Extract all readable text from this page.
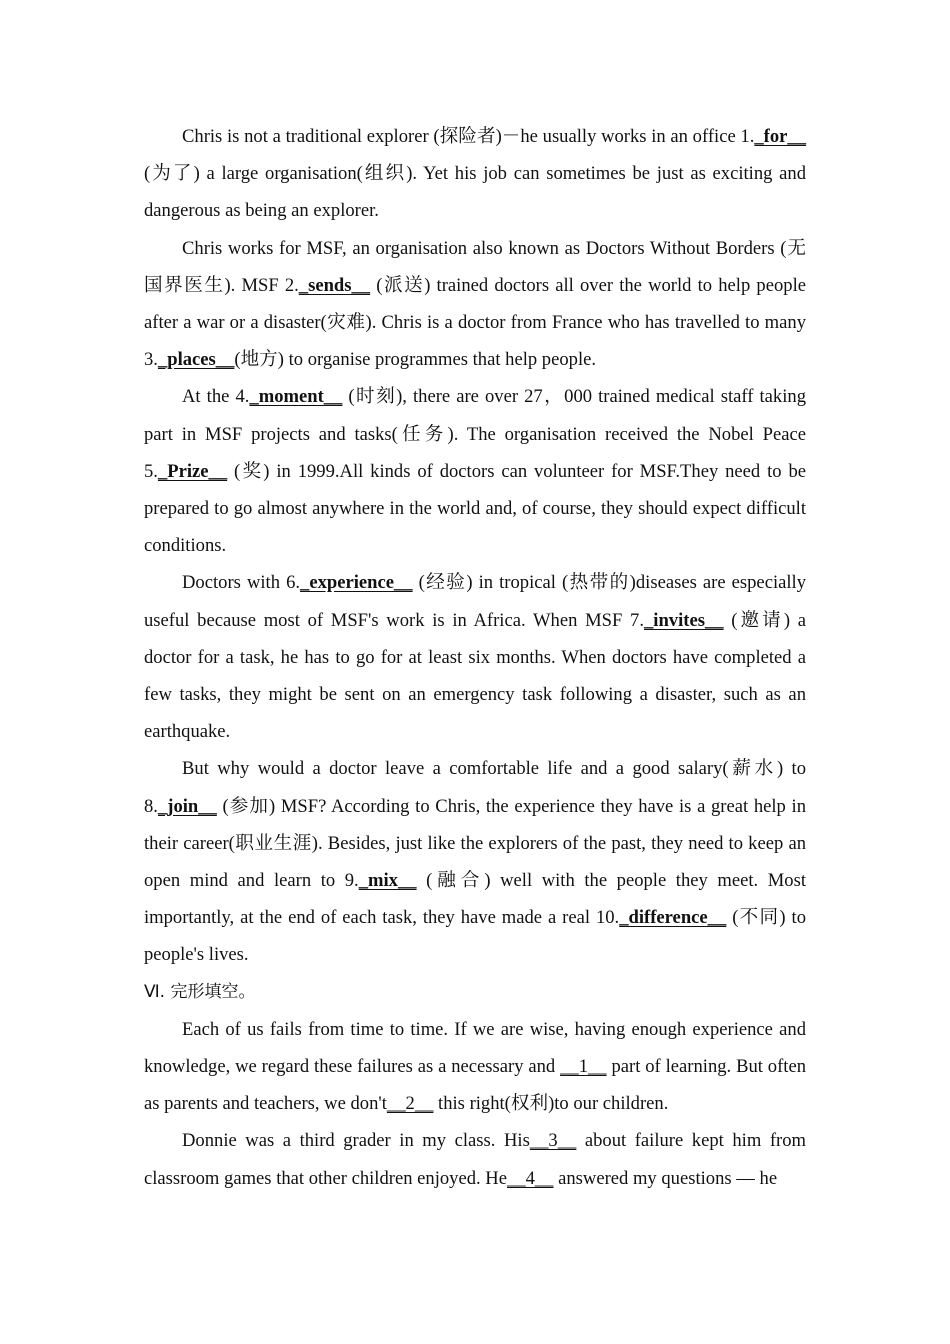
Chris is not a traditional explorer (探险者)－he usually works in an office 1._for__ (为了) a large organisation(组织). Yet his job can sometimes be just as exciting and dangerous as being an explorer.

Chris works for MSF, an organisation also known as Doctors Without Borders (无国界医生). MSF 2._sends__ (派送) trained doctors all over the world to help people after a war or a disaster(灾难). Chris is a doctor from France who has travelled to many 3._places__(地方) to organise programmes that help people.

At the 4._moment__ (时刻), there are over 27，000 trained medical staff taking part in MSF projects and tasks(任务). The organisation received the Nobel Peace 5._Prize__ (奖) in 1999.All kinds of doctors can volunteer for MSF.They need to be prepared to go almost anywhere in the world and, of course, they should expect difficult conditions.

Doctors with 6._experience__ (经验) in tropical (热带的)diseases are especially useful because most of MSF's work is in Africa. When MSF 7._invites__ (邀请) a doctor for a task, he has to go for at least six months. When doctors have completed a few tasks, they might be sent on an emergency task following a disaster, such as an earthquake.

But why would a doctor leave a comfortable life and a good salary(薪水) to 8._join__ (参加) MSF? According to Chris, the experience they have is a great help in their career(职业生涯). Besides, just like the explorers of the past, they need to keep an open mind and learn to 9._mix__ (融合) well with the people they meet. Most importantly, at the end of each task, they have made a real 10._difference__ (不同) to people's lives.

Ⅵ. 完形填空。

Each of us fails from time to time. If we are wise, having enough experience and knowledge, we regard these failures as a necessary and __1__ part of learning. But often as parents and teachers, we don't__2__ this right(权利)to our children.

Donnie was a third grader in my class. His__3__ about failure kept him from classroom games that other children enjoyed. He__4__ answered my questions — he
